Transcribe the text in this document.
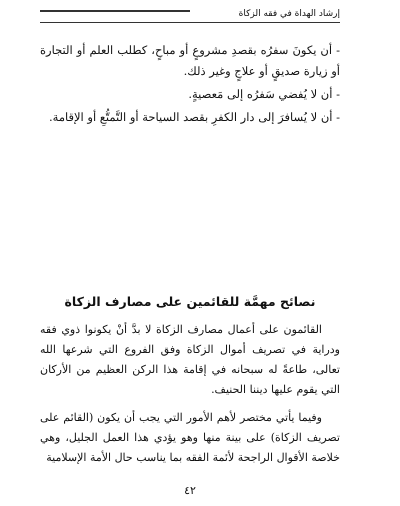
إرشاد الهداة في فقه الزكاة

- أن يكونَ سفرُه بقصدِ مشروعٍ أو مباحٍ، كطلب العلم أو التجارة أو زيارة صديقٍ أو علاجٍ وغير ذلك.

- أن لا يُفضي سَفرُه إلى مَعصيةٍ.

- أن لا يُسافرَ إلى دار الكفرِ بقصد السياحة أو التَّمتُّعِ أو الإقامة.

نصائح مهمَّة للقائمين على مصارف الزكاة

القائمون على أعمال مصارف الزكاة لا بدَّ أنْ يكونوا ذوي فقه ودراية في تصريف أموال الزكاة وفق الفروع التي شرعها الله تعالى، طاعةً له سبحانه في إقامة هذا الركن العظيم من الأركان التي يقوم عليها ديننا الحنيف.

وفيما يأتي مختصر لأهم الأمور التي يجب أن يكون (القائم على تصريف الزكاة) على بينة منها وهو يؤدي هذا العمل الجليل، وهي خلاصة الأقوال الراجحة لأئمة الفقه بما يناسب حال الأمة الإسلامية

٤٢
